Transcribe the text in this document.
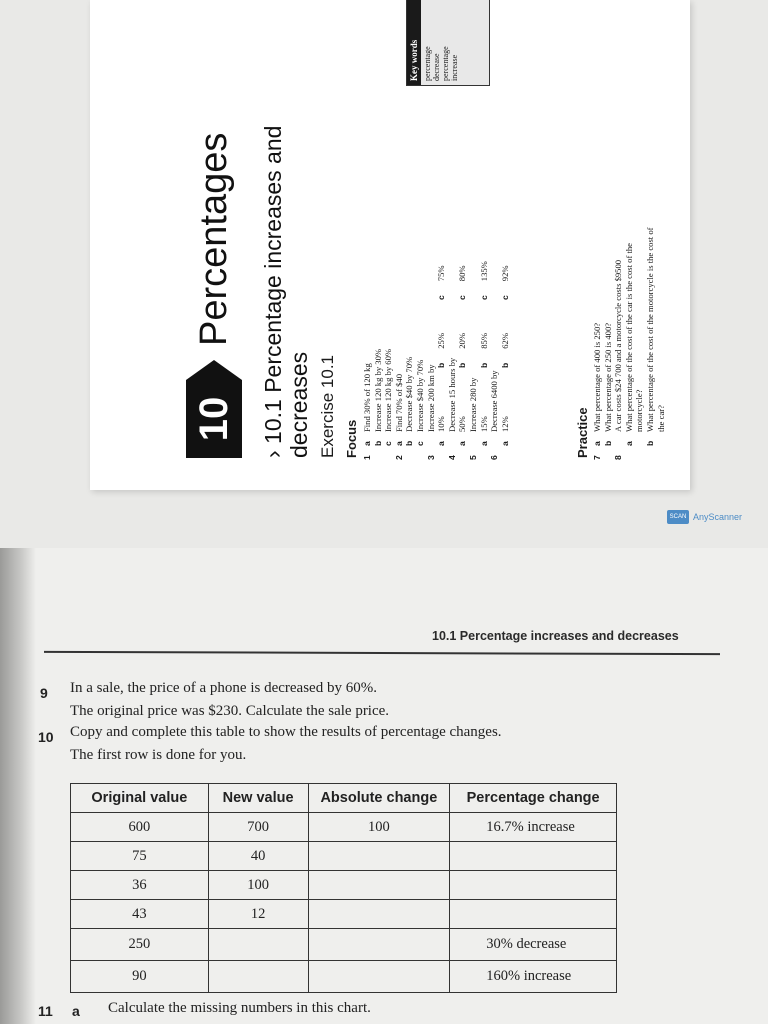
10
Percentages › 10.1 Percentage increases and decreases Exercise 10.1 Focus 1
a
Find 30% of 120 kg
b
Increase 120 kg by 30%
c
Increase 120 kg by 60%
2
a
Find 70% of $40
b
Decrease $40 by 70%
c
Increase $40 by 70%
3
Increase 200 km by
a
10%
b25%
c75%
4
Decrease 15 hours by
a
50%
b20%
c80%
5
Increase 280 by
a
15%
b85%
c135%
6
Decrease 6400 by
a
12%
b62%
c92%
Practice 7
a
What percentage of 400 is 250?
b
What percentage of 250 is 400?
8
A car costs $24 700 and a motorcycle costs $9500
a
What percentage of the cost of the car is the cost of the motorcycle?
b
What percentage of the cost of the motorcycle is the cost of the car?
Key words percentage decrease percentage increase
SCAN AnyScanner
10.1 Percentage increases and decreases
9 In a sale, the price of a phone is decreased by 60%.
The original price was $230. Calculate the sale price.
10 Copy and complete this table to show the results of percentage changes.
The first row is done for you.
Original value	New value	Absolute change	Percentage change
600	700	100	16.7% increase
75	40		
36	100		
43	12		
250			30% decrease
90			160% increase
11 a Calculate the missing numbers in this chart.
